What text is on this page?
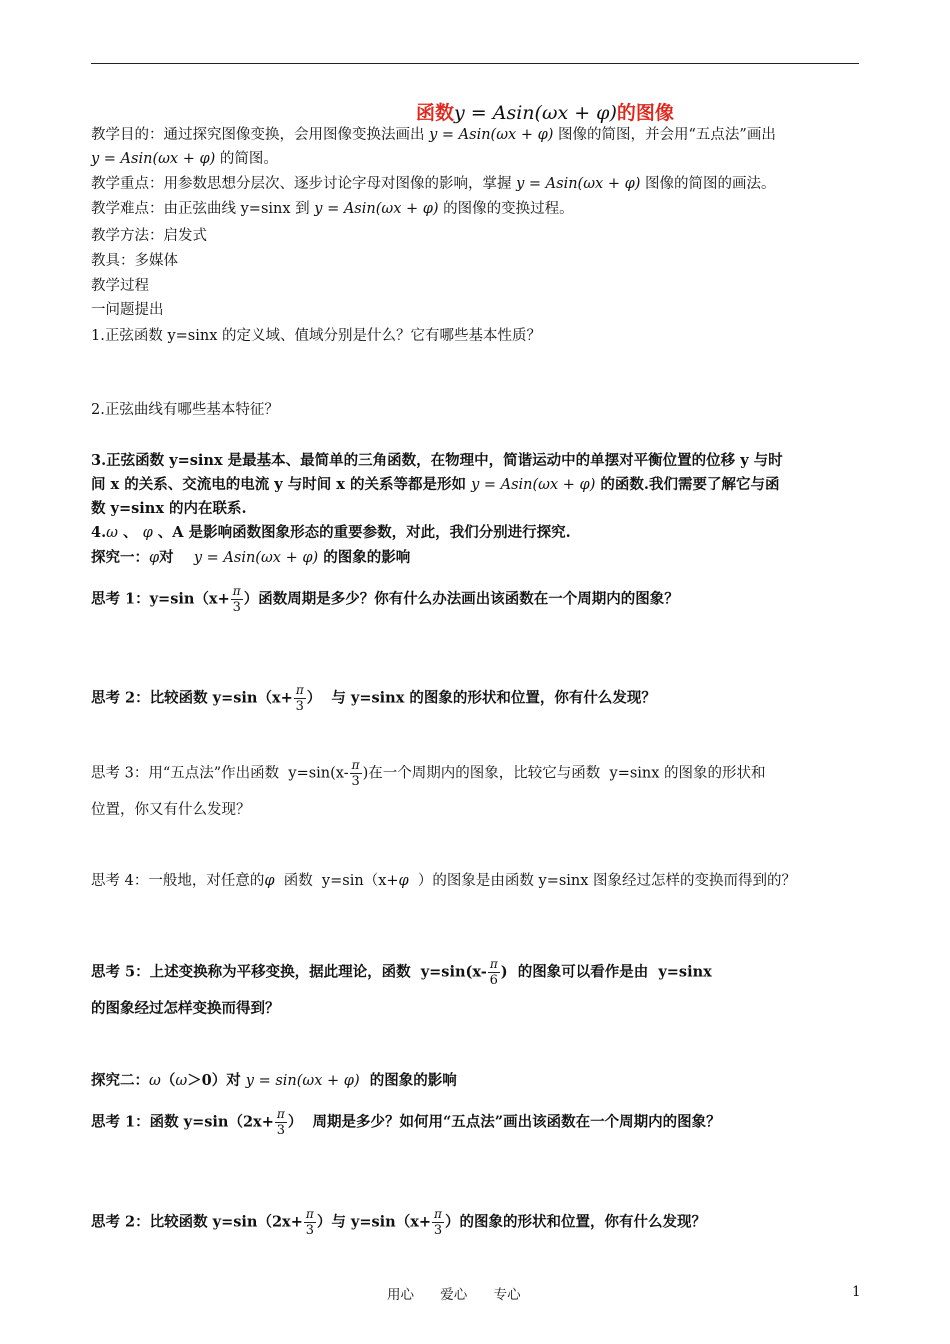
函数y = Asin(ωx + φ)的图像
教学目的：通过探究图像变换，会用图像变换法画出 y = Asin(ωx + φ) 图像的简图，并会用“五点法”画出
y = Asin(ωx + φ) 的简图。
教学重点：用参数思想分层次、逐步讨论字母对图像的影响，掌握 y = Asin(ωx + φ) 图像的简图的画法。
教学难点：由正弦曲线 y=sinx 到 y = Asin(ωx + φ) 的图像的变换过程。
教学方法：启发式
教具：多媒体
教学过程
一问题提出
1.正弦函数 y=sinx 的定义域、值域分别是什么？它有哪些基本性质？
2.正弦曲线有哪些基本特征？
3.正弦函数 y=sinx 是最基本、最简单的三角函数，在物理中，简谐运动中的单摆对平衡位置的位移 y 与时
间 x 的关系、交流电的电流 y 与时间 x 的关系等都是形如 y = Asin(ωx + φ) 的函数.我们需要了解它与函
数 y=sinx 的内在联系.
4.ω 、 φ 、A 是影响函数图象形态的重要参数，对此，我们分别进行探究.
探究一：φ对    y = Asin(ωx + φ) 的图象的影响
思考 1：$y=\sin(x+ \frac{\pi}{3}$ ）函数周期是多少？你有什么办法画出该函数在一个周期内的图象？
思考 2：比较函数 $y=\sin(x+ \frac{\pi}{3}$ ）  与 y=sinx 的图象的形状和位置，你有什么发现？
思考 3：用“五点法”作出函数  $y=\sin(x- \frac{\pi}{3}$ )在一个周期内的图象，比较它与函数  y=sinx 的图象的形状和
位置，你又有什么发现？
思考 4：一般地，对任意的φ  函数  y=sin（x+φ  ）的图象是由函数 y=sinx 图象经过怎样的变换而得到的？
思考 5：上述变换称为平移变换，据此理论，函数  $y=\sin(x- \frac{\pi}{6}$ )  的图象可以看作是由  y=sinx
的图象经过怎样变换而得到？
探究二：ω（ω＞0）对 y = sin(ωx + φ)  的图象的影响
思考 1：函数 $y=\sin(2x+ \frac{\pi}{3}$ ）  周期是多少？如何用“五点法”画出该函数在一个周期内的图象？
思考 2：比较函数 $y=\sin(2x+ \frac{\pi}{3}$ ）与 $y=\sin(x+ \frac{\pi}{3}$ ）的图象的形状和位置，你有什么发现？
用心 爱心 专心	1
